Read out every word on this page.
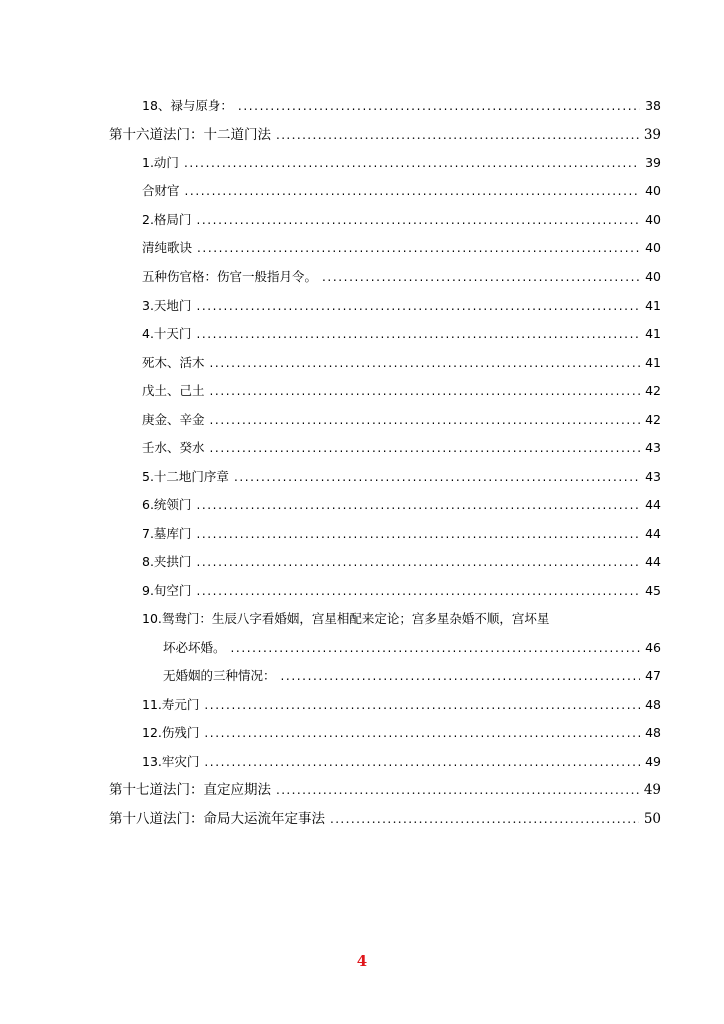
18、禄与原身： .....	38
第十六道法门：十二道门法 .....	39
1.动门 .....	39
合财官 .....	40
2.格局门 .....	40
清纯歌诀 .....	40
五种伤官格：伤官一般指月令。 .....	40
3.天地门 .....	41
4.十天门 .....	41
死木、活木 .....	41
戊土、己土 .....	42
庚金、辛金 .....	42
壬水、癸水 .....	43
5.十二地门序章 .....	43
6.统领门 .....	44
7.墓库门 .....	44
8.夹拱门 .....	44
9.旬空门 .....	45
10.鸳鸯门：生辰八字看婚姻，宫星相配来定论；宫多星杂婚不顺，宫坏星
坏必坏婚。 .....	46
无婚姻的三种情况： .....	47
11.寿元门 .....	48
12.伤残门 .....	48
13.牢灾门 .....	49
第十七道法门：直定应期法 .....	49
第十八道法门：命局大运流年定事法 .....	50
4
